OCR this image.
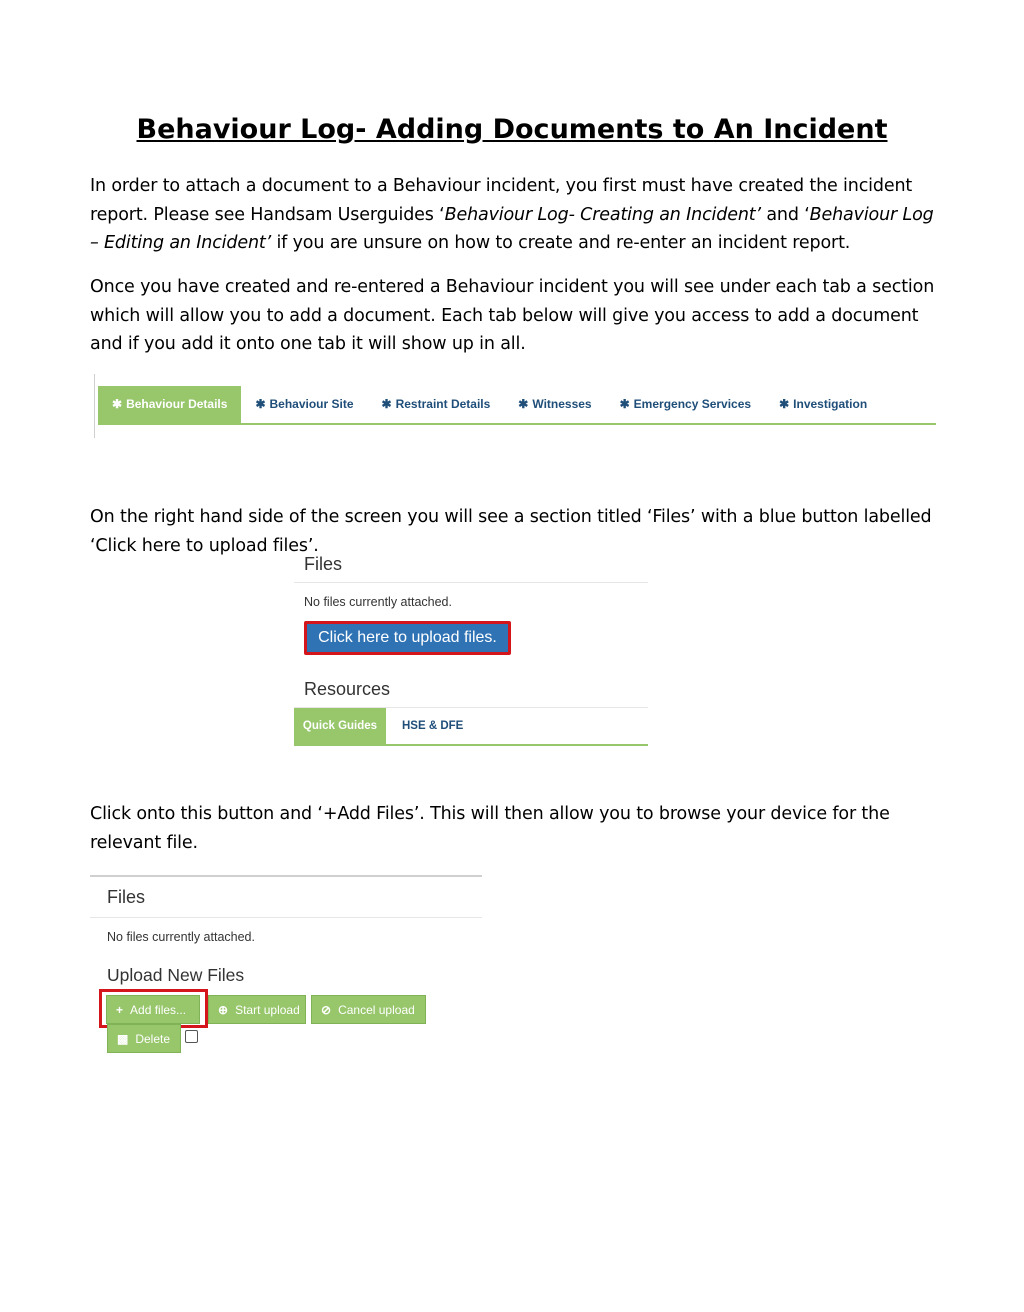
Behaviour Log- Adding Documents to An Incident

In order to attach a document to a Behaviour incident, you first must have created the incident report. Please see Handsam Userguides ‘Behaviour Log- Creating an Incident’ and ‘Behaviour Log – Editing an Incident’ if you are unsure on how to create and re-enter an incident report.

Once you have created and re-entered a Behaviour incident you will see under each tab a section which will allow you to add a document. Each tab below will give you access to add a document and if you add it onto one tab it will show up in all.

✱ Behaviour Details	✱ Behaviour Site	✱ Restraint Details	✱ Witnesses	✱ Emergency Services	✱ Investigation

On the right hand side of the screen you will see a section titled ‘Files’ with a blue button labelled ‘Click here to upload files’.

Files
No files currently attached.
Click here to upload files.
Resources
Quick Guides	HSE & DFE

Click onto this button and ‘+Add Files’. This will then allow you to browse your device for the relevant file.

Files
No files currently attached.
Upload New Files
+ Add files...	⊕ Start upload	⊘ Cancel upload
▩ Delete
